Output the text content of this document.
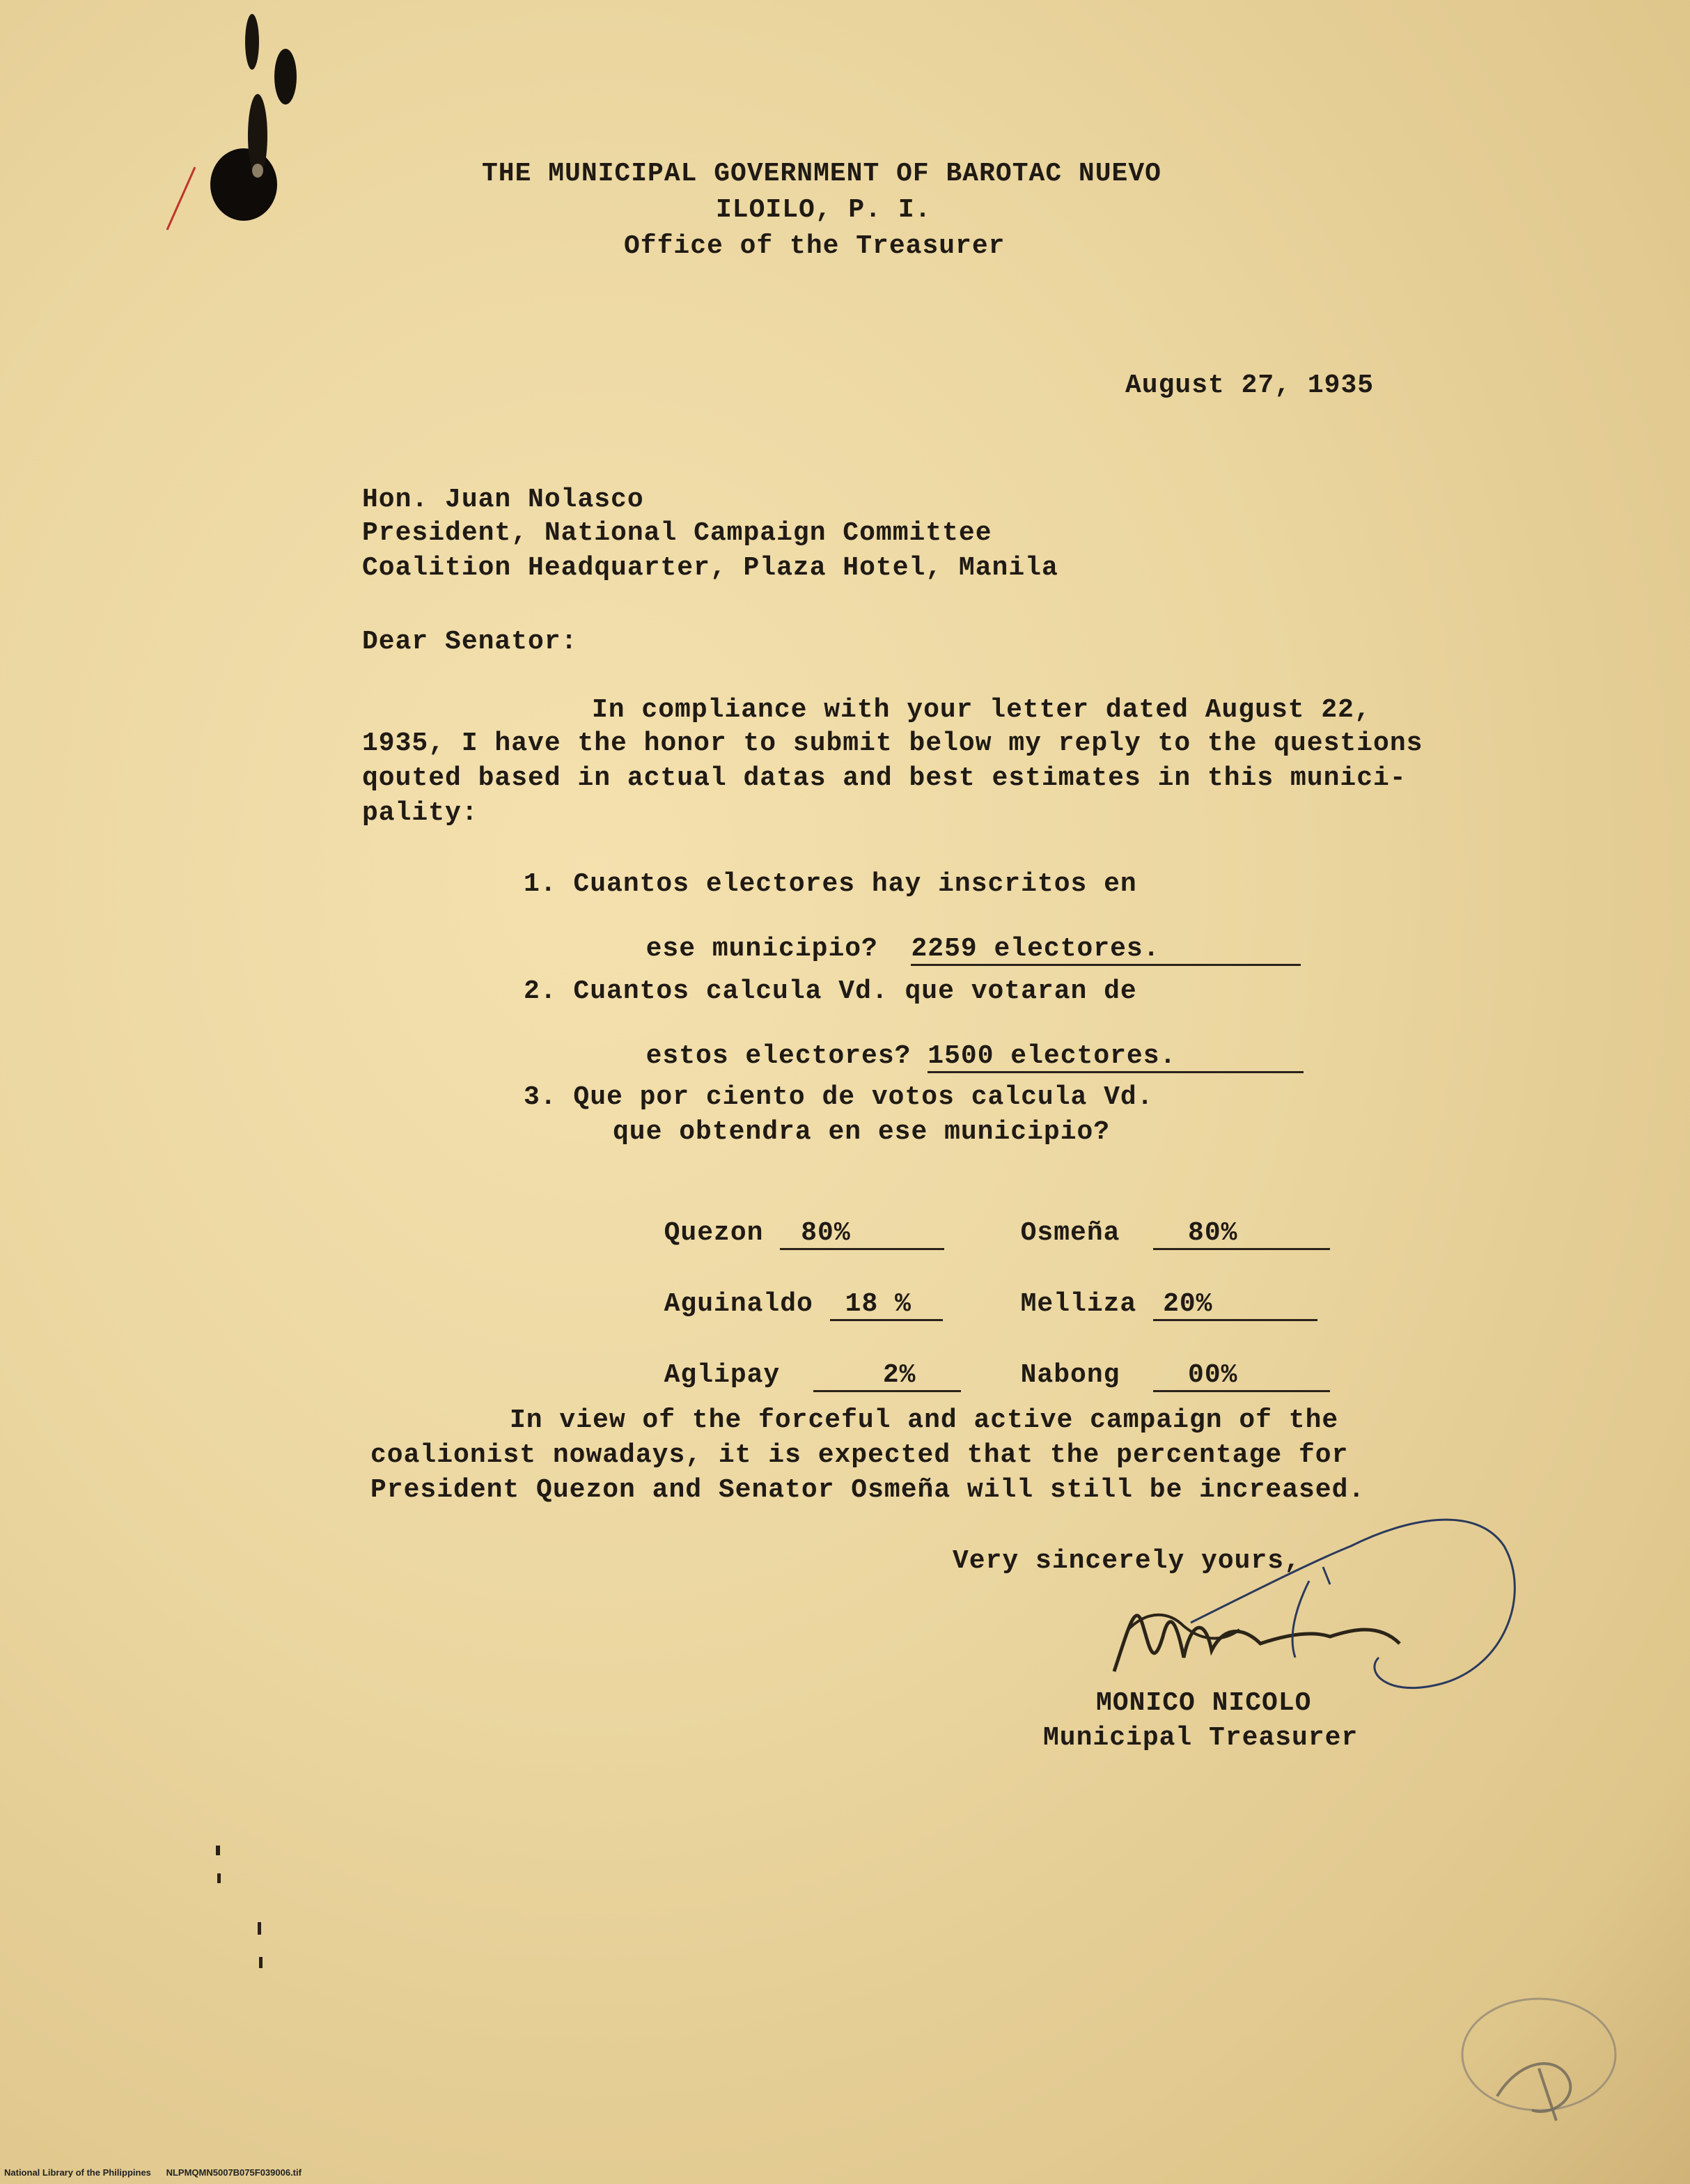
THE MUNICIPAL GOVERNMENT OF BAROTAC NUEVO
ILOILO, P. I.
Office of the Treasurer
August 27, 1935
Hon. Juan Nolasco
President, National Campaign Committee
Coalition Headquarter, Plaza Hotel, Manila
Dear Senator:
In compliance with your letter dated August 22,
1935, I have the honor to submit below my reply to the questions
qouted based in actual datas and best estimates in this munici-
pality:
1. Cuantos electores hay inscritos en

ese municipio? 2259 electores.

2. Cuantos calcula Vd. que votaran de

estos electores? 1500 electores.

3. Que por ciento de votos calcula Vd.
que obtendra en ese municipio?

Quezon 80%	Osmeña	80%

Aguinaldo 18 %	Melliza 20%

Aglipay	2%	Nabong	00%

In view of the forceful and active campaign of the
coalionist nowadays, it is expected that the percentage for
President Quezon and Senator Osmeña will still be increased.
Very sincerely yours,
MONICO NICOLO
Municipal Treasurer
National Library of the Philippines NLPMQMN5007B075F039006.tif
